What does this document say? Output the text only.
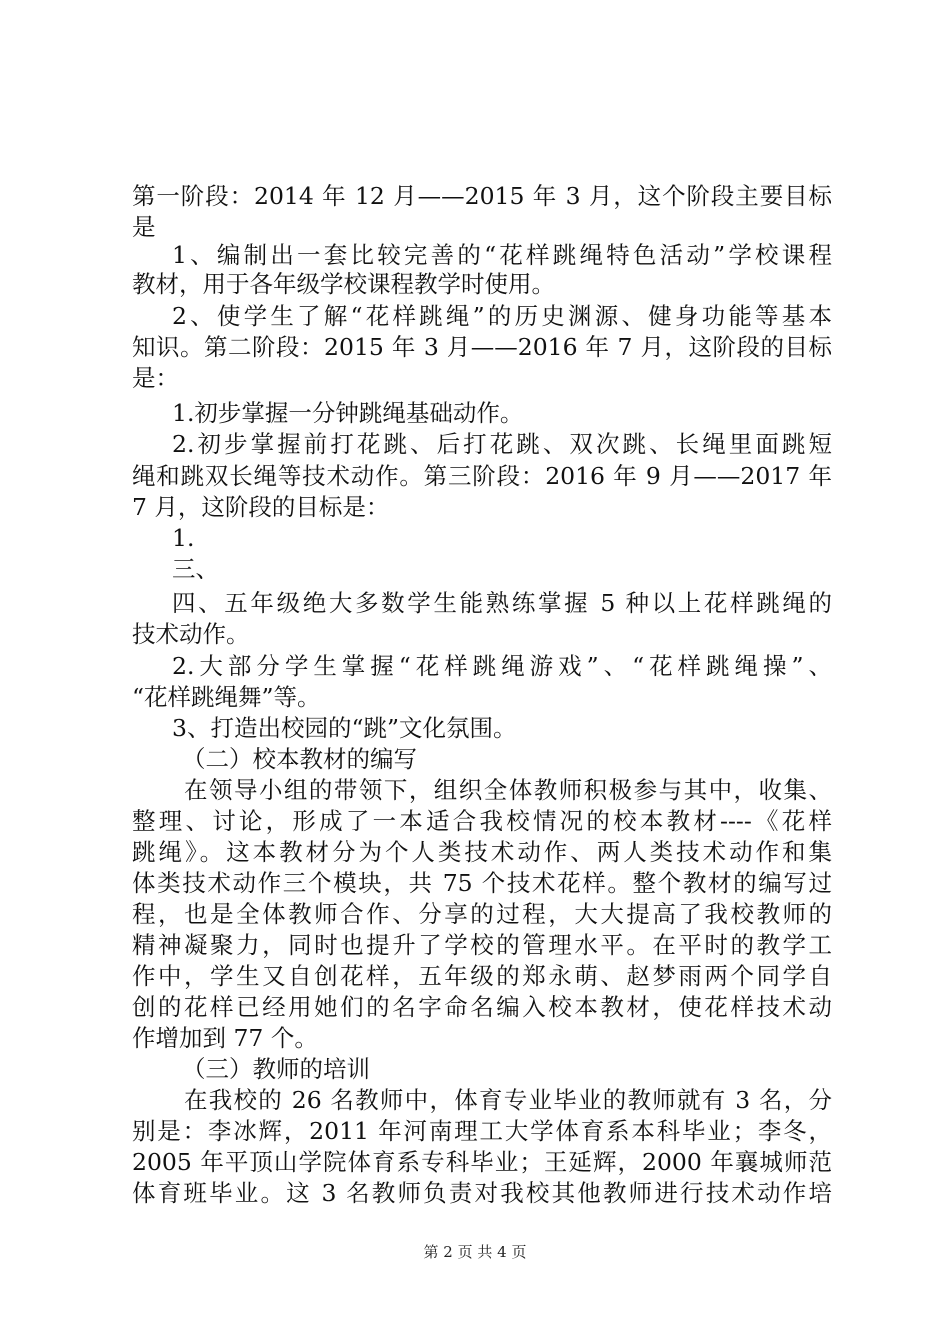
第一阶段：2014 年 12 月——2015 年 3 月，这个阶段主要目标
是
1、编制出一套比较完善的“花样跳绳特色活动”学校课程
教材，用于各年级学校课程教学时使用。
2、使学生了解“花样跳绳”的历史渊源、健身功能等基本
知识。第二阶段：2015 年 3 月——2016 年 7 月，这阶段的目标
是：
1.初步掌握一分钟跳绳基础动作。
2.初步掌握前打花跳、后打花跳、双次跳、长绳里面跳短
绳和跳双长绳等技术动作。第三阶段：2016 年 9 月——2017 年
7 月，这阶段的目标是：
1.
三、
四、五年级绝大多数学生能熟练掌握 5 种以上花样跳绳的
技术动作。
2.大部分学生掌握“花样跳绳游戏”、“花样跳绳操”、
“花样跳绳舞”等。
3、打造出校园的“跳”文化氛围。
（二）校本教材的编写
在领导小组的带领下，组织全体教师积极参与其中，收集、
整理、讨论，形成了一本适合我校情况的校本教材----《花样
跳绳》。这本教材分为个人类技术动作、两人类技术动作和集
体类技术动作三个模块，共 75 个技术花样。整个教材的编写过
程，也是全体教师合作、分享的过程，大大提高了我校教师的
精神凝聚力，同时也提升了学校的管理水平。在平时的教学工
作中，学生又自创花样，五年级的郑永萌、赵梦雨两个同学自
创的花样已经用她们的名字命名编入校本教材，使花样技术动
作增加到 77 个。
（三）教师的培训
在我校的 26 名教师中，体育专业毕业的教师就有 3 名，分
别是：李冰辉，2011 年河南理工大学体育系本科毕业；李冬，
2005 年平顶山学院体育系专科毕业；王延辉，2000 年襄城师范
体育班毕业。这 3 名教师负责对我校其他教师进行技术动作培
第 2 页 共 4 页
